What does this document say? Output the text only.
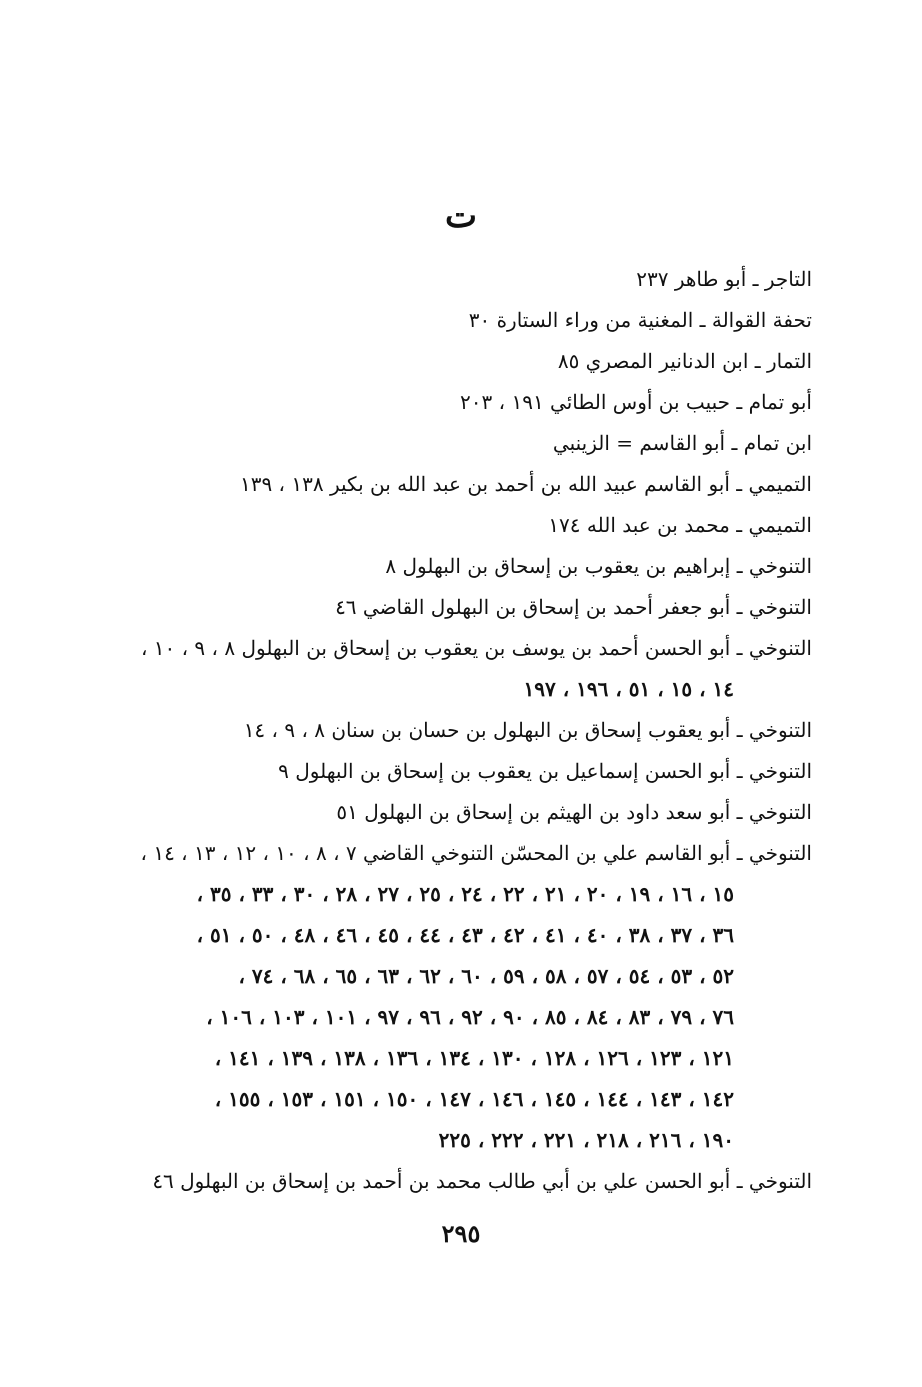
ت
التاجر ـ أبو طاهر ٢٣٧
تحفة القوالة ـ المغنية من وراء الستارة ٣٠
التمار ـ ابن الدنانير المصري ٨٥
أبو تمام ـ حبيب بن أوس الطائي ١٩١ ، ٢٠٣
ابن تمام ـ أبو القاسم = الزينبي
التميمي ـ أبو القاسم عبيد الله بن أحمد بن عبد الله بن بكير ١٣٨ ، ١٣٩
التميمي ـ محمد بن عبد الله ١٧٤
التنوخي ـ إبراهيم بن يعقوب بن إسحاق بن البهلول ٨
التنوخي ـ أبو جعفر أحمد بن إسحاق بن البهلول القاضي ٤٦
التنوخي ـ أبو الحسن أحمد بن يوسف بن يعقوب بن إسحاق بن البهلول ٨ ، ٩ ، ١٠ ،
١٤ ، ١٥ ، ٥١ ، ١٩٦ ، ١٩٧
التنوخي ـ أبو يعقوب إسحاق بن البهلول بن حسان بن سنان ٨ ، ٩ ، ١٤
التنوخي ـ أبو الحسن إسماعيل بن يعقوب بن إسحاق بن البهلول ٩
التنوخي ـ أبو سعد داود بن الهيثم بن إسحاق بن البهلول ٥١
التنوخي ـ أبو القاسم علي بن المحسّن التنوخي القاضي ٧ ، ٨ ، ١٠ ، ١٢ ، ١٣ ، ١٤ ،
١٥ ، ١٦ ، ١٩ ، ٢٠ ، ٢١ ، ٢٢ ، ٢٤ ، ٢٥ ، ٢٧ ، ٢٨ ، ٣٠ ، ٣٣ ، ٣٥ ،
٣٦ ، ٣٧ ، ٣٨ ، ٤٠ ، ٤١ ، ٤٢ ، ٤٣ ، ٤٤ ، ٤٥ ، ٤٦ ، ٤٨ ، ٥٠ ، ٥١ ،
٥٢ ، ٥٣ ، ٥٤ ، ٥٧ ، ٥٨ ، ٥٩ ، ٦٠ ، ٦٢ ، ٦٣ ، ٦٥ ، ٦٨ ، ٧٤ ،
٧٦ ، ٧٩ ، ٨٣ ، ٨٤ ، ٨٥ ، ٩٠ ، ٩٢ ، ٩٦ ، ٩٧ ، ١٠١ ، ١٠٣ ، ١٠٦ ،
١٢١ ، ١٢٣ ، ١٢٦ ، ١٢٨ ، ١٣٠ ، ١٣٤ ، ١٣٦ ، ١٣٨ ، ١٣٩ ، ١٤١ ،
١٤٢ ، ١٤٣ ، ١٤٤ ، ١٤٥ ، ١٤٦ ، ١٤٧ ، ١٥٠ ، ١٥١ ، ١٥٣ ، ١٥٥ ،
١٩٠ ، ٢١٦ ، ٢١٨ ، ٢٢١ ، ٢٢٢ ، ٢٢٥
التنوخي ـ أبو الحسن علي بن أبي طالب محمد بن أحمد بن إسحاق بن البهلول ٤٦
٢٩٥
